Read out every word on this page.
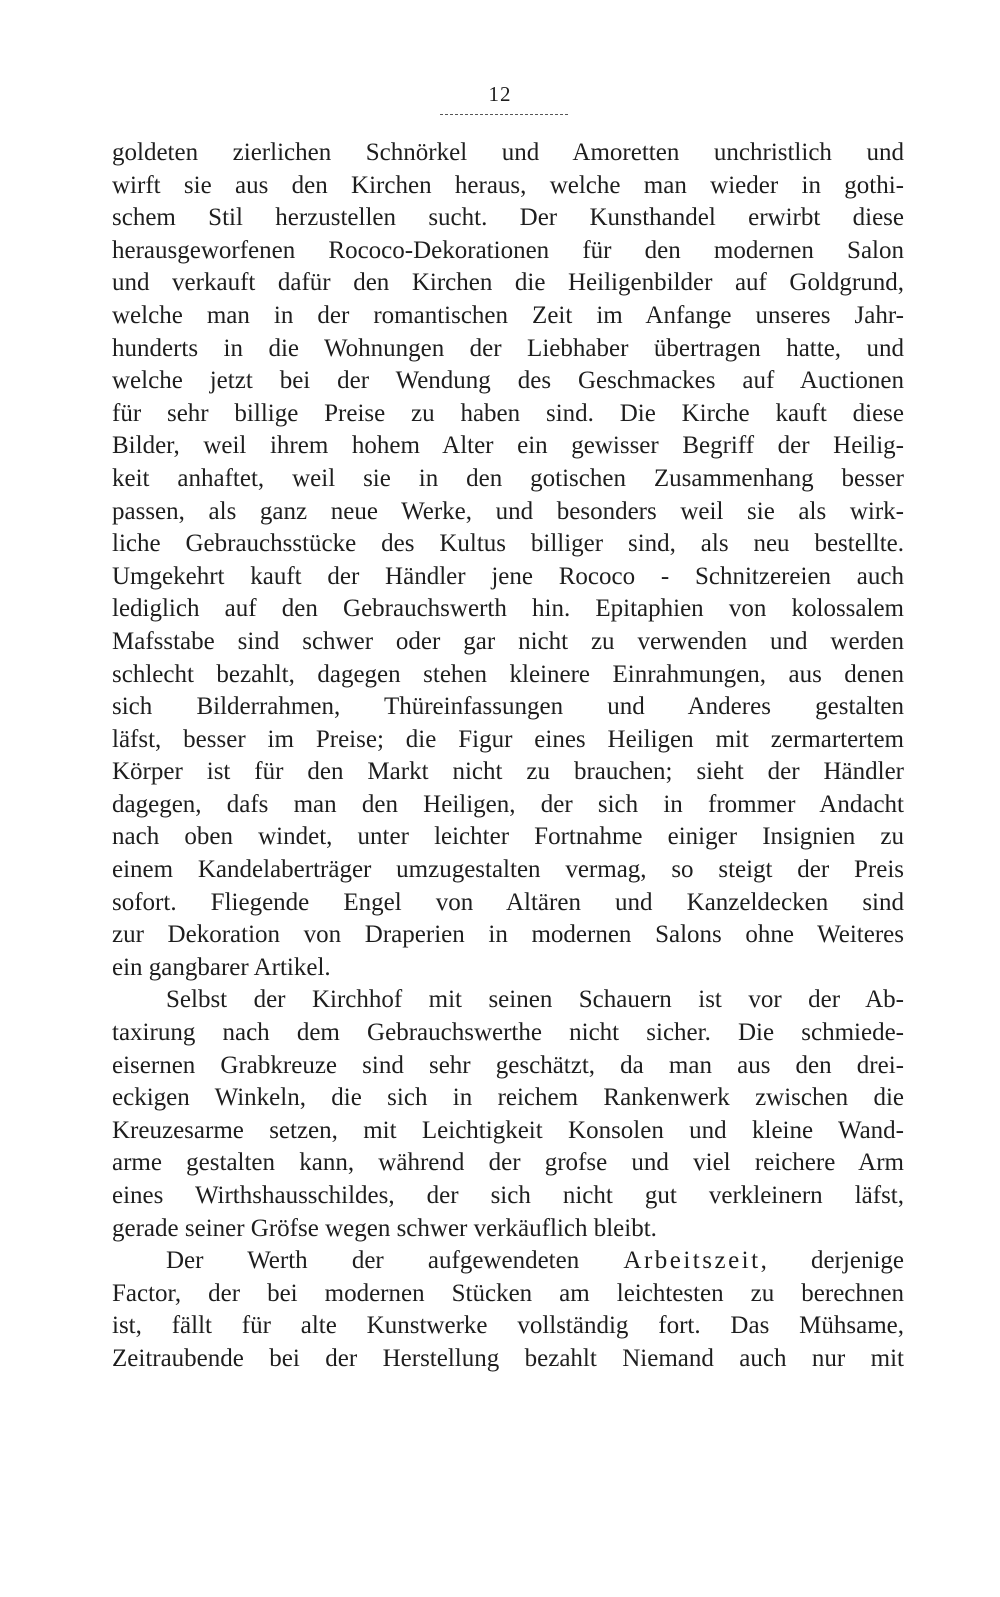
12
goldeten zierlichen Schnörkel und Amoretten unchristlich und
wirft sie aus den Kirchen heraus, welche man wieder in gothi-
schem Stil herzustellen sucht. Der Kunsthandel erwirbt diese
herausgeworfenen Rococo-Dekorationen für den modernen Salon
und verkauft dafür den Kirchen die Heiligenbilder auf Goldgrund,
welche man in der romantischen Zeit im Anfange unseres Jahr-
hunderts in die Wohnungen der Liebhaber übertragen hatte, und
welche jetzt bei der Wendung des Geschmackes auf Auctionen
für sehr billige Preise zu haben sind. Die Kirche kauft diese
Bilder, weil ihrem hohem Alter ein gewisser Begriff der Heilig-
keit anhaftet, weil sie in den gotischen Zusammenhang besser
passen, als ganz neue Werke, und besonders weil sie als wirk-
liche Gebrauchsstücke des Kultus billiger sind, als neu bestellte.
Umgekehrt kauft der Händler jene Rococo - Schnitzereien auch
lediglich auf den Gebrauchswerth hin. Epitaphien von kolossalem
Mafsstabe sind schwer oder gar nicht zu verwenden und werden
schlecht bezahlt, dagegen stehen kleinere Einrahmungen, aus denen
sich Bilderrahmen, Thüreinfassungen und Anderes gestalten
läfst, besser im Preise; die Figur eines Heiligen mit zermartertem
Körper ist für den Markt nicht zu brauchen; sieht der Händler
dagegen, dafs man den Heiligen, der sich in frommer Andacht
nach oben windet, unter leichter Fortnahme einiger Insignien zu
einem Kandelaberträger umzugestalten vermag, so steigt der Preis
sofort. Fliegende Engel von Altären und Kanzeldecken sind
zur Dekoration von Draperien in modernen Salons ohne Weiteres
ein gangbarer Artikel.
Selbst der Kirchhof mit seinen Schauern ist vor der Ab-
taxirung nach dem Gebrauchswerthe nicht sicher. Die schmiede-
eisernen Grabkreuze sind sehr geschätzt, da man aus den drei-
eckigen Winkeln, die sich in reichem Rankenwerk zwischen die
Kreuzesarme setzen, mit Leichtigkeit Konsolen und kleine Wand-
arme gestalten kann, während der grofse und viel reichere Arm
eines Wirthshausschildes, der sich nicht gut verkleinern läfst,
gerade seiner Gröfse wegen schwer verkäuflich bleibt.
Der Werth der aufgewendeten Arbeitszeit, derjenige
Factor, der bei modernen Stücken am leichtesten zu berechnen
ist, fällt für alte Kunstwerke vollständig fort. Das Mühsame,
Zeitraubende bei der Herstellung bezahlt Niemand auch nur mit
